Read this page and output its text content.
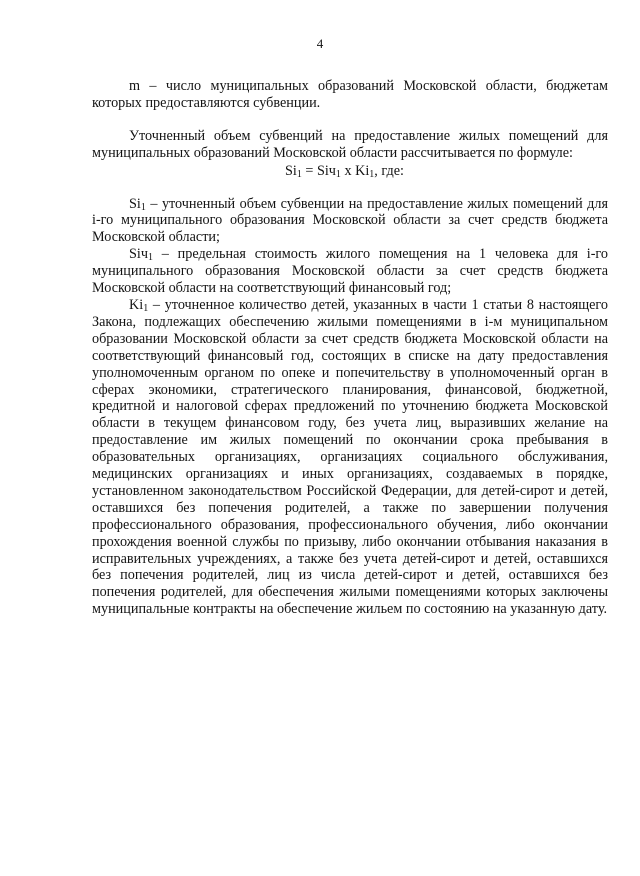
4

m – число муниципальных образований Московской области, бюджетам которых предоставляются субвенции.

Уточненный объем субвенций на предоставление жилых помещений для муниципальных образований Московской области рассчитывается по формуле:

$Si_1 = Siч_1$ x $Ki_1$, где:

$Si_1$ – уточненный объем субвенции на предоставление жилых помещений для i-го муниципального образования Московской области за счет средств бюджета Московской области;

Siч$_1$ – предельная стоимость жилого помещения на 1 человека для i-го муниципального образования Московской области за счет средств бюджета Московской области на соответствующий финансовый год;

$Ki_1$ – уточненное количество детей, указанных в части 1 статьи 8 настоящего Закона, подлежащих обеспечению жилыми помещениями в i-м муниципальном образовании Московской области за счет средств бюджета Московской области на соответствующий финансовый год, состоящих в списке на дату предоставления уполномоченным органом по опеке и попечительству в уполномоченный орган в сферах экономики, стратегического планирования, финансовой, бюджетной, кредитной и налоговой сферах предложений по уточнению бюджета Московской области в текущем финансовом году, без учета лиц, выразивших желание на предоставление им жилых помещений по окончании срока пребывания в образовательных организациях, организациях социального обслуживания, медицинских организациях и иных организациях, создаваемых в порядке, установленном законодательством Российской Федерации, для детей-сирот и детей, оставшихся без попечения родителей, а также по завершении получения профессионального образования, профессионального обучения, либо окончании прохождения военной службы по призыву, либо окончании отбывания наказания в исправительных учреждениях, а также без учета детей-сирот и детей, оставшихся без попечения родителей, лиц из числа детей-сирот и детей, оставшихся без попечения родителей, для обеспечения жилыми помещениями которых заключены муниципальные контракты на обеспечение жильем по состоянию на указанную дату.
